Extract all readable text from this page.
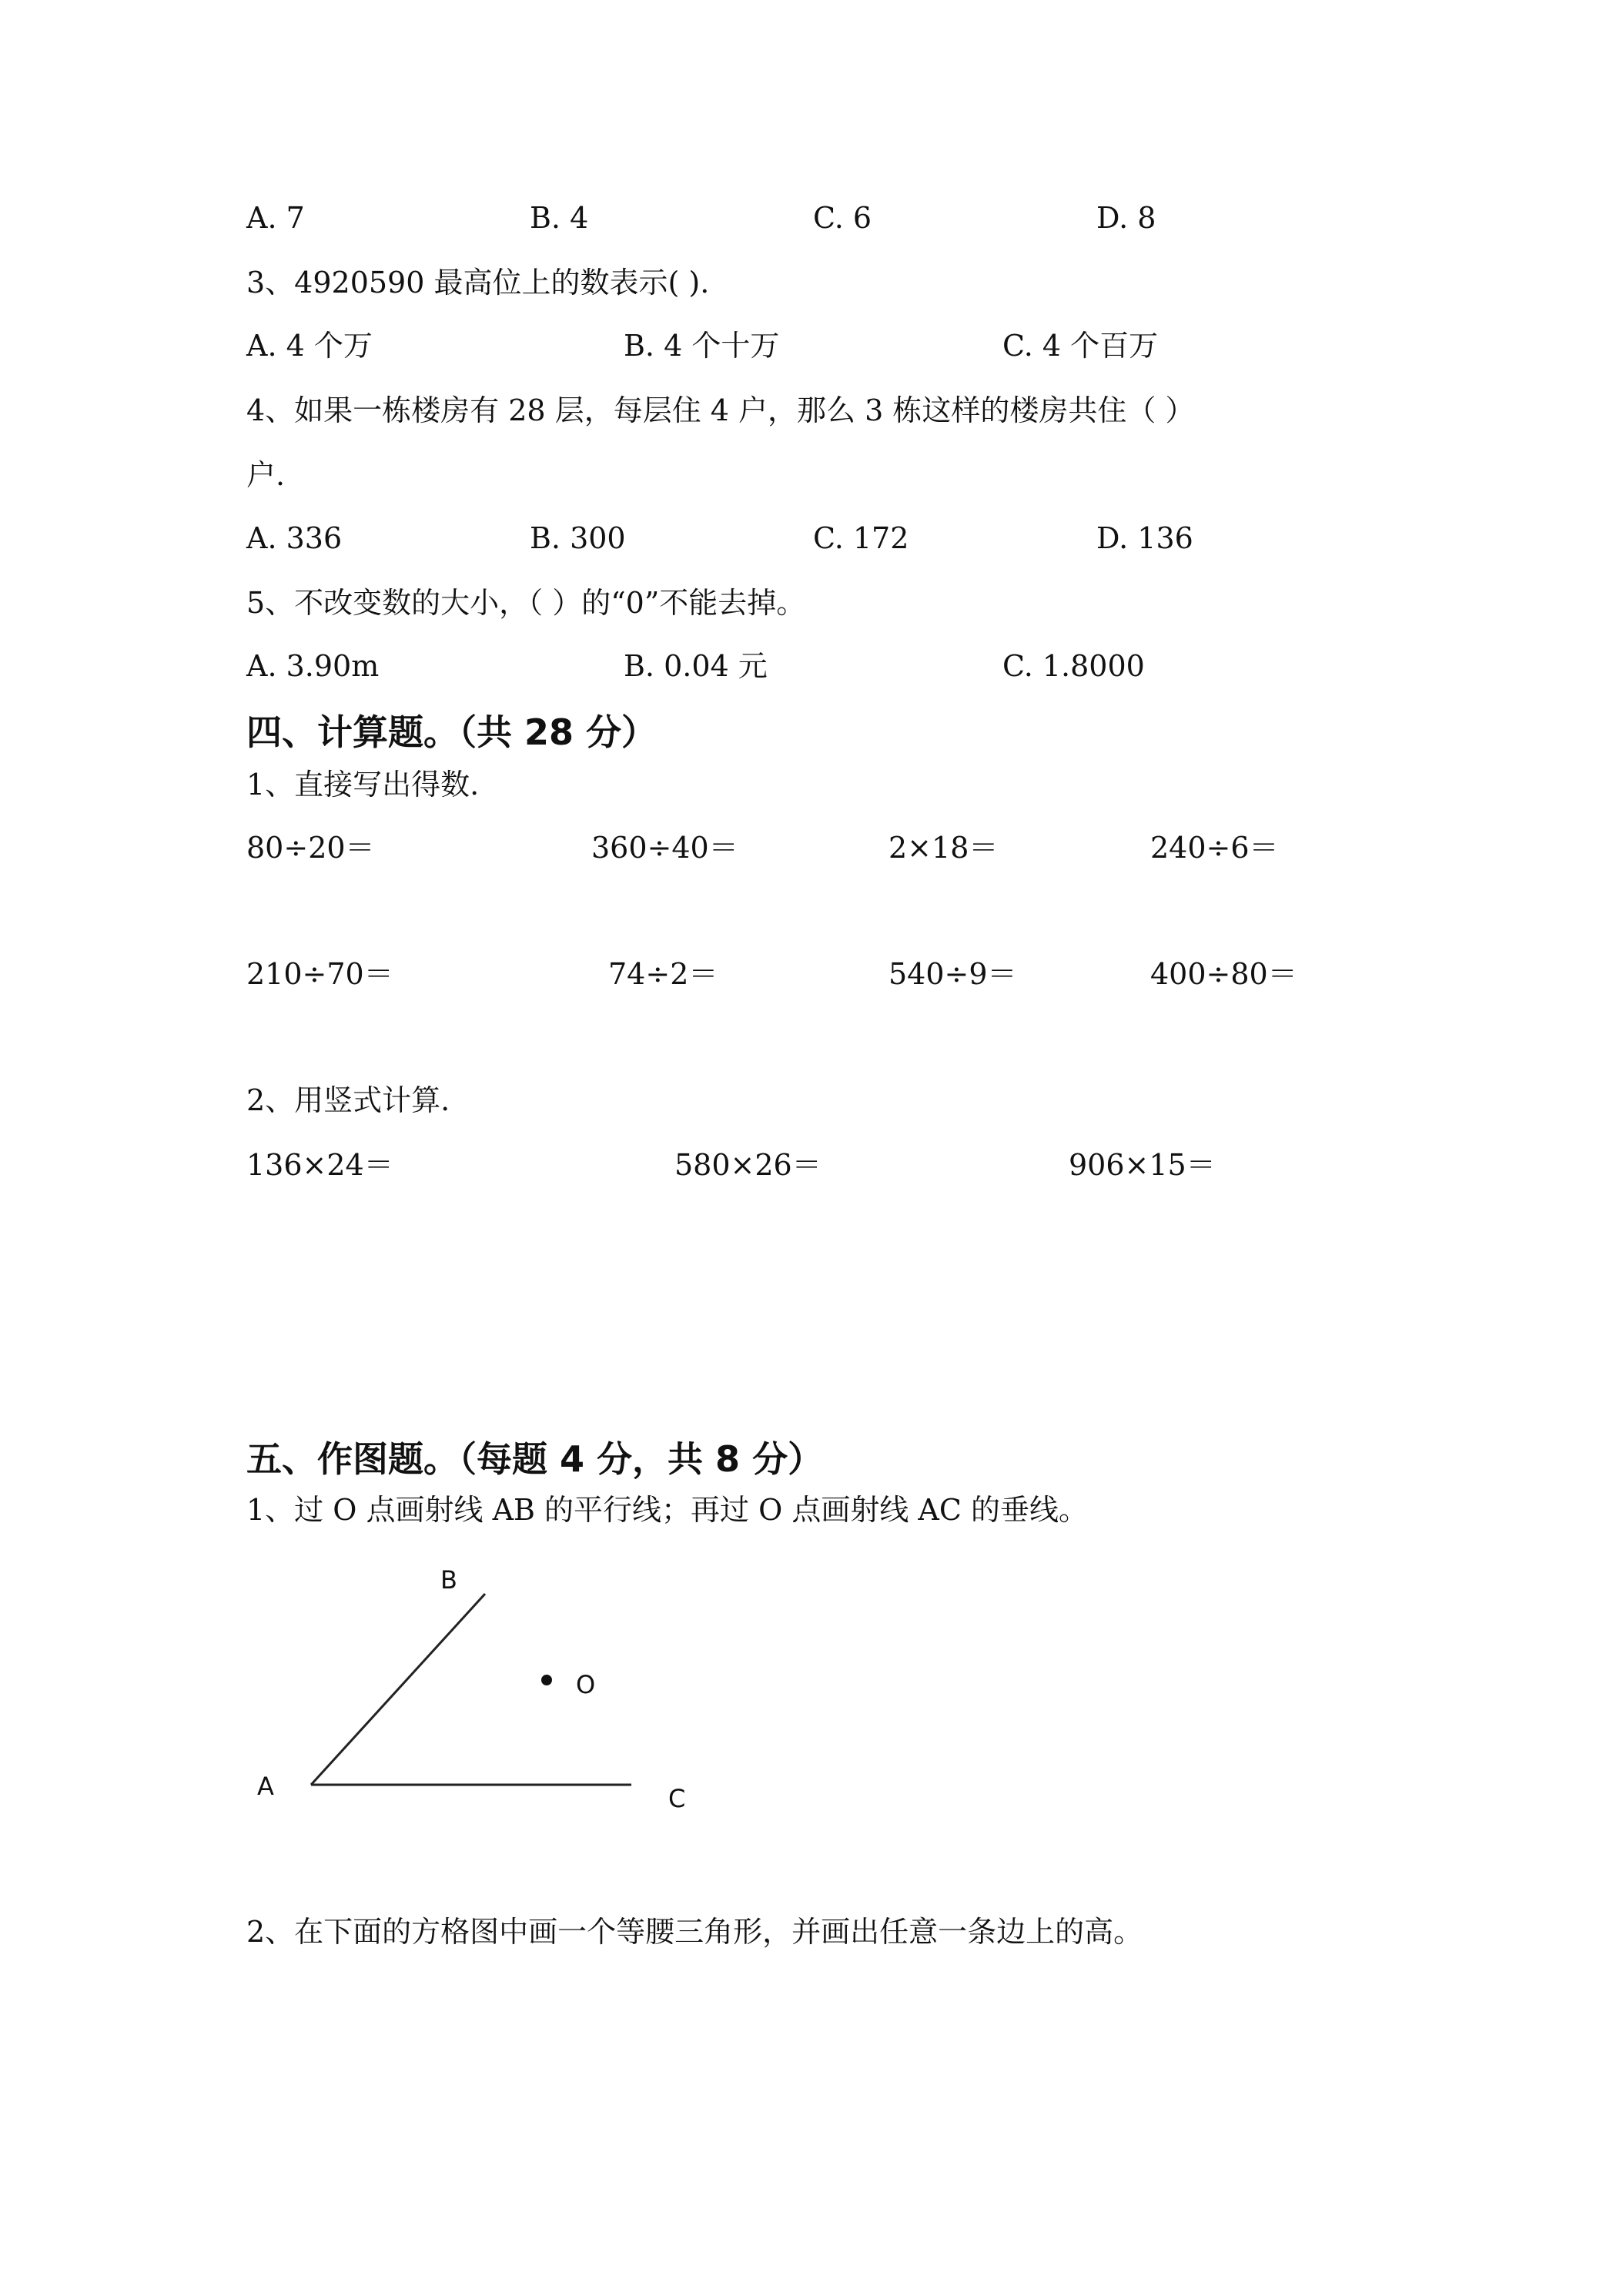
A. 7	B. 4	C. 6	D. 8
3、4920590 最高位上的数表示( ).
A. 4 个万	B. 4 个十万	C. 4 个百万
4、如果一栋楼房有 28 层，每层住 4 户，那么 3 栋这样的楼房共住（ ）
户.
A. 336	B. 300	C. 172	D. 136
5、不改变数的大小，（ ）的“0”不能去掉。
A. 3.90m	B. 0.04 元	C. 1.8000
四、计算题。（共 28 分）
1、直接写出得数.
80÷20＝	360÷40＝	2×18＝	240÷6＝
210÷70＝	74÷2＝	540÷9＝	400÷80＝
2、用竖式计算.
136×24＝	580×26＝	906×15＝
五、作图题。（每题 4 分，共 8 分）
1、过 O 点画射线 AB 的平行线；再过 O 点画射线 AC 的垂线。
B
O
A	C
2、在下面的方格图中画一个等腰三角形，并画出任意一条边上的高。
